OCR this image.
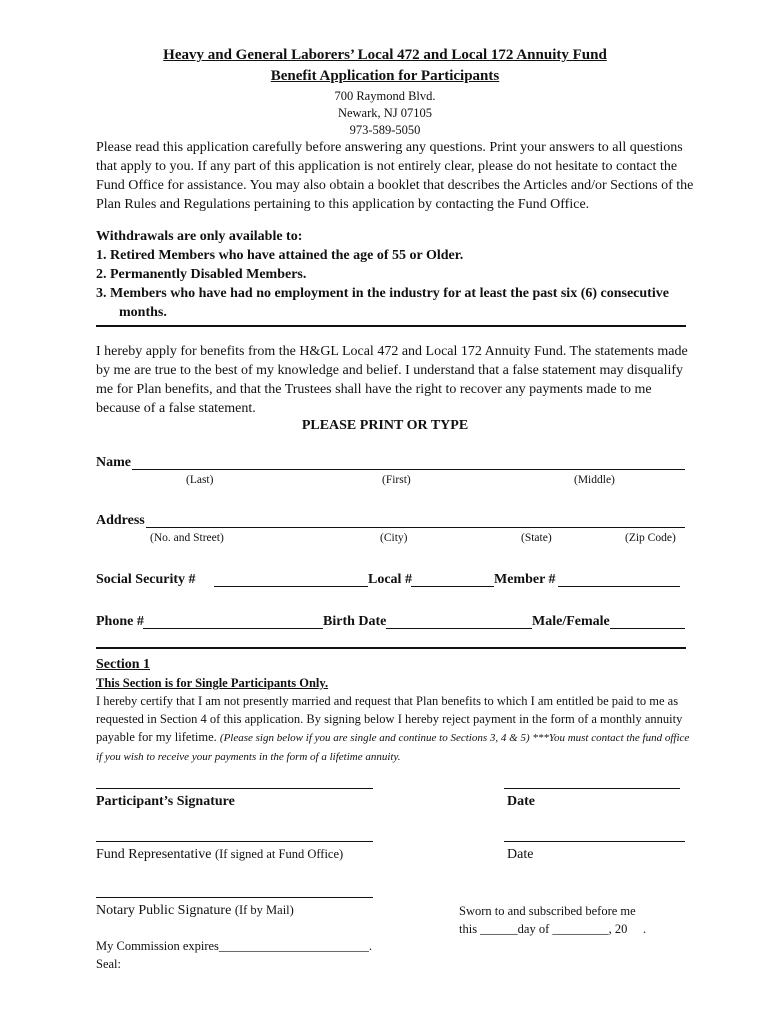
Heavy and General Laborers’ Local 472 and Local 172 Annuity Fund
Benefit Application for Participants
700 Raymond Blvd.
Newark, NJ 07105
973-589-5050
Please read this application carefully before answering any questions. Print your answers to all questions that apply to you. If any part of this application is not entirely clear, please do not hesitate to contact the Fund Office for assistance. You may also obtain a booklet that describes the Articles and/or Sections of the Plan Rules and Regulations pertaining to this application by contacting the Fund Office.
Withdrawals are only available to:
1. Retired Members who have attained the age of 55 or Older.
2. Permanently Disabled Members.
3. Members who have had no employment in the industry for at least the past six (6) consecutive
months.
I hereby apply for benefits from the H&GL Local 472 and Local 172 Annuity Fund. The statements made by me are true to the best of my knowledge and belief. I understand that a false statement may disqualify me for Plan benefits, and that the Trustees shall have the right to recover any payments made to me because of a false statement.
PLEASE PRINT OR TYPE
Name
(Last)	(First)	(Middle)
Address
(No. and Street)	(City)	(State)	(Zip Code)
Social Security #	Local #	Member #
Phone #	Birth Date	Male/Female
Section 1
This Section is for Single Participants Only.
I hereby certify that I am not presently married and request that Plan benefits to which I am entitled be paid to me as requested in Section 4 of this application. By signing below I hereby reject payment in the form of a monthly annuity payable for my lifetime. (Please sign below if you are single and continue to Sections 3, 4 & 5) ***You must contact the fund office if you wish to receive your payments in the form of a lifetime annuity.
Participant’s Signature	Date
Fund Representative (If signed at Fund Office)	Date
Notary Public Signature (If by Mail)	Sworn to and subscribed before me
this ______day of _________, 20     .
My Commission expires________________________.
Seal:
